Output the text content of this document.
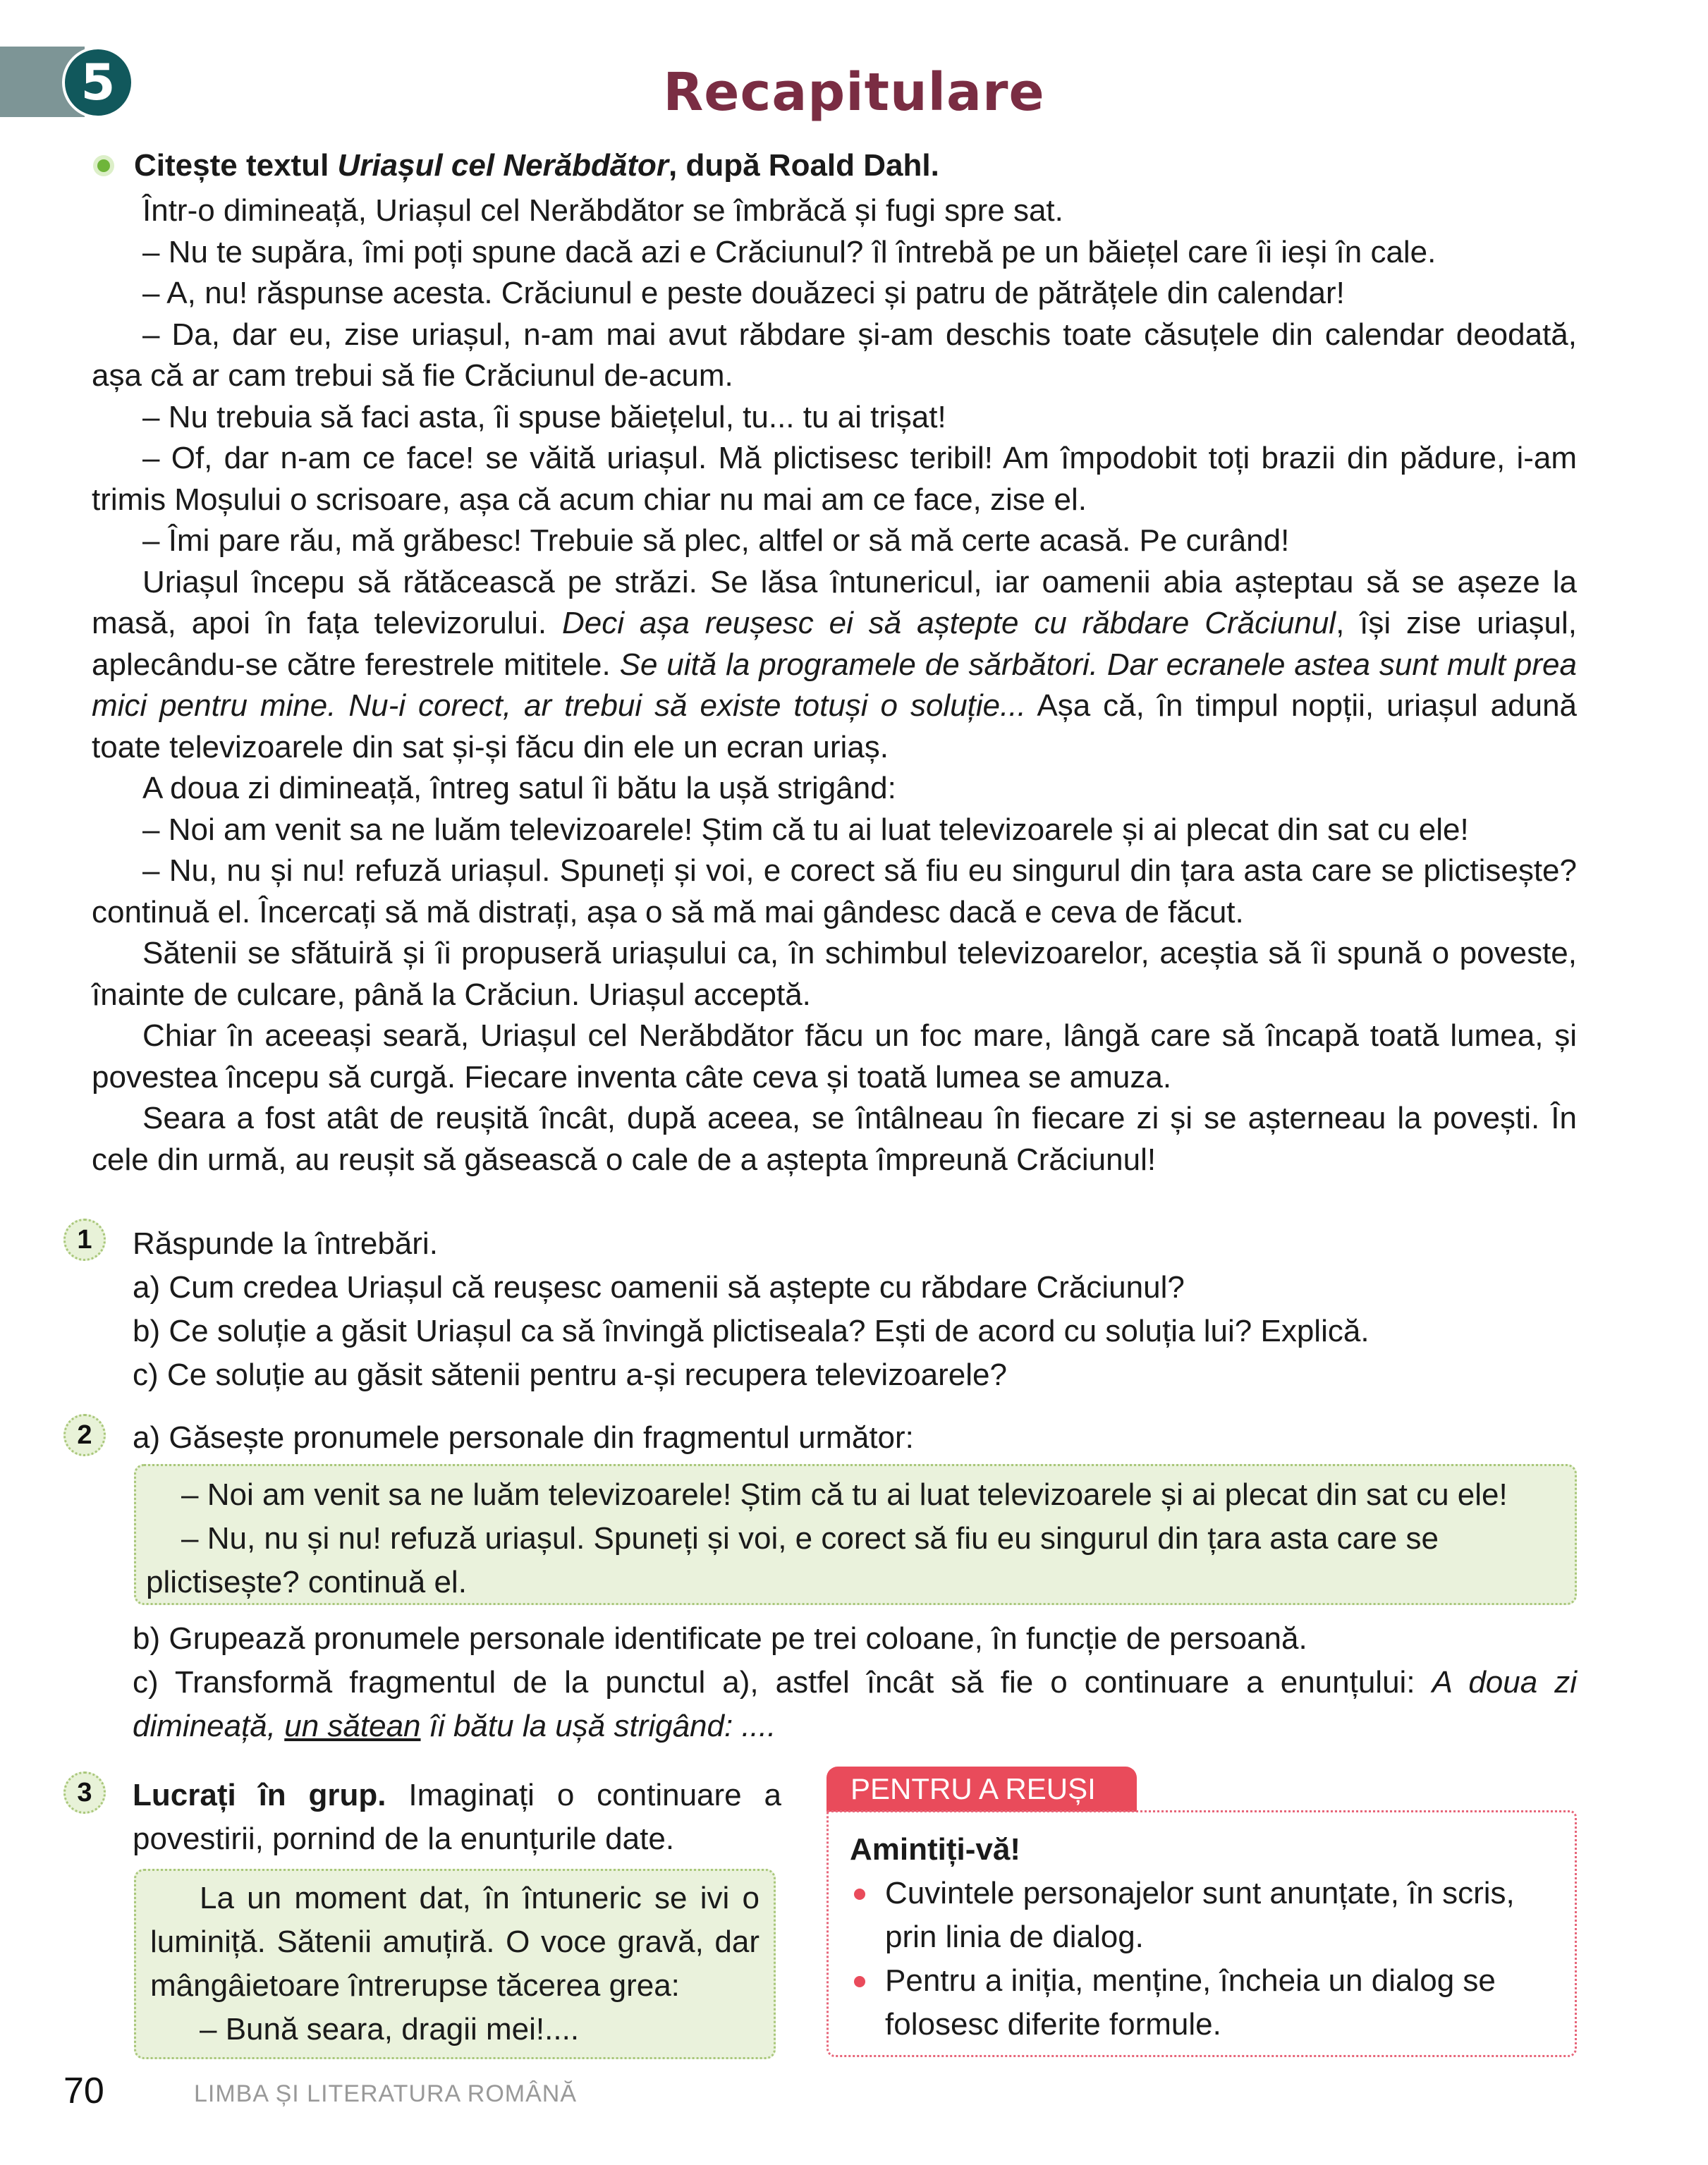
5	Recapitulare
Citește textul
Uriașul cel Nerăbdător , după Roald Dahl.

Într-o dimineață, Uriașul cel Nerăbdător se îmbrăcă și fugi spre sat.

– Nu te supăra, îmi poți spune dacă azi e Crăciunul? îl întrebă pe un băiețel care îi ieși în cale.

– A, nu! răspunse acesta. Crăciunul e peste douăzeci și patru de pătrățele din calendar!

– Da, dar eu, zise uriașul, n-am mai avut răbdare și-am deschis toate căsuțele din calendar deodată, așa că ar cam trebui să fie Crăciunul de-acum.

– Nu trebuia să faci asta, îi spuse băiețelul, tu... tu ai trișat!

– Of, dar n-am ce face! se văită uriașul. Mă plictisesc teribil! Am împodobit toți brazii din pădure, i-am trimis Moșului o scrisoare, așa că acum chiar nu mai am ce face, zise el.

– Îmi pare rău, mă grăbesc! Trebuie să plec, altfel or să mă certe acasă. Pe curând!

Uriașul începu să rătăcească pe străzi. Se lăsa întunericul, iar oamenii abia așteptau să se așeze la masă, apoi în fața televizorului. Deci așa reușesc ei să aștepte cu răbdare Crăciunul, își zise uriașul, aplecându-se către ferestrele mititele. Se uită la programele de sărbători. Dar ecranele astea sunt mult prea mici pentru mine. Nu-i corect, ar trebui să existe totuși o soluție... Așa că, în timpul nopții, uriașul adună toate televizoarele din sat și-și făcu din ele un ecran uriaș.

A doua zi dimineață, întreg satul îi bătu la ușă strigând:

– Noi am venit sa ne luăm televizoarele! Știm că tu ai luat televizoarele și ai plecat din sat cu ele!

– Nu, nu și nu! refuză uriașul. Spuneți și voi, e corect să fiu eu singurul din țara asta care se plictisește? continuă el. Încercați să mă distrați, așa o să mă mai gândesc dacă e ceva de făcut.

Sătenii se sfătuiră și îi propuseră uriașului ca, în schimbul televizoarelor, aceștia să îi spună o poveste, înainte de culcare, până la Crăciun. Uriașul acceptă.

Chiar în aceeași seară, Uriașul cel Nerăbdător făcu un foc mare, lângă care să încapă toată lumea, și povestea începu să curgă. Fiecare inventa câte ceva și toată lumea se amuza.

Seara a fost atât de reușită încât, după aceea, se întâlneau în fiecare zi și se așterneau la povești. În cele din urmă, au reușit să găsească o cale de a aștepta împreună Crăciunul!

1	Răspunde la întrebări.
a) Cum credea Uriașul că reușesc oamenii să aștepte cu răbdare Crăciunul?
b) Ce soluție a găsit Uriașul ca să învingă plictiseala? Ești de acord cu soluția lui? Explică.
c) Ce soluție au găsit sătenii pentru a-și recupera televizoarele?
2	a) Găsește pronumele personale din fragmentul următor:

– Noi am venit sa ne luăm televizoarele! Știm că tu ai luat televizoarele și ai plecat din sat cu ele!

– Nu, nu și nu! refuză uriașul. Spuneți și voi, e corect să fiu eu singurul din țara asta care se plictisește? continuă el.

b) Grupează pronumele personale identificate pe trei coloane, în funcție de persoană.
c) Transformă fragmentul de la punctul a), astfel încât să fie o continuare a enunțului: A doua zi dimineață, un sătean îi bătu la ușă strigând: ....
3	Lucrați în grup. Imaginați o continuare a povestirii, pornind de la enunțurile date.

La un moment dat, în întuneric se ivi o luminiță. Sătenii amuțiră. O voce gravă, dar mângâietoare întrerupse tăcerea grea:

– Bună seara, dragii mei!....

PENTRU A REUȘI
Amintiți-vă!
Cuvintele personajelor sunt anunțate, în scris, prin linia de dialog.
Pentru a iniția, menține, încheia un dialog se folosesc diferite formule.
70	LIMBA ȘI LITERATURA ROMÂNĂ
